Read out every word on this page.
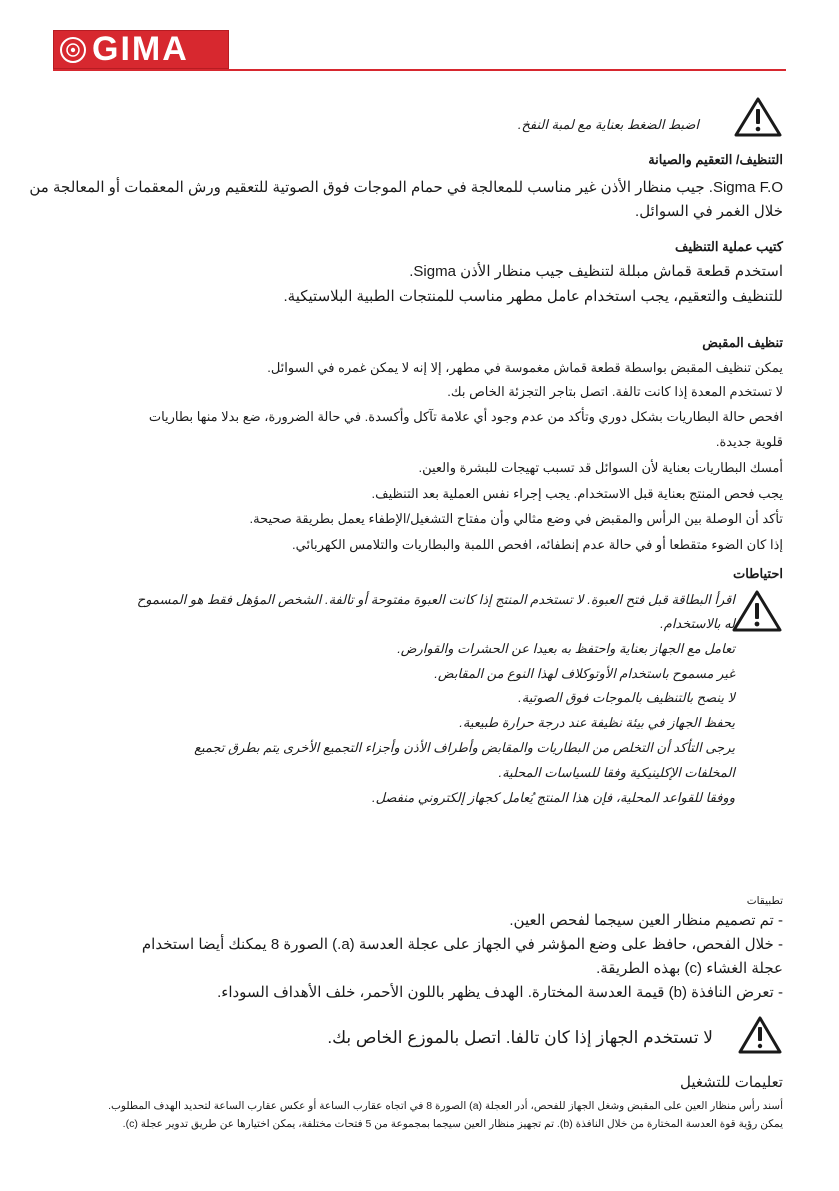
GIMA
اضبط الضغط بعناية مع لمبة النفخ.
التنظيف/ التعقيم والصيانة
Sigma F.O. جيب منظار الأذن غير مناسب للمعالجة في حمام الموجات فوق الصوتية للتعقيم ورش المعقمات أو المعالجة من
خلال الغمر في السوائل.
كتيب عملية التنظيف
استخدم قطعة قماش مبللة لتنظيف جيب منظار الأذن Sigma.
للتنظيف والتعقيم، يجب استخدام عامل مطهر مناسب للمنتجات الطبية البلاستيكية.
تنظيف المقبض
يمكن تنظيف المقبض بواسطة قطعة قماش مغموسة في مطهر، إلا إنه لا يمكن غمره في السوائل.
لا تستخدم المعدة إذا كانت تالفة. اتصل بتاجر التجزئة الخاص بك.
افحص حالة البطاريات بشكل دوري وتأكد من عدم وجود أي علامة تآكل وأكسدة. في حالة الضرورة، ضع بدلا منها بطاريات
قلوية جديدة.
أمسك البطاريات بعناية لأن السوائل قد تسبب تهيجات للبشرة والعين.
يجب فحص المنتج بعناية قبل الاستخدام. يجب إجراء نفس العملية بعد التنظيف.
تأكد أن الوصلة بين الرأس والمقبض في وضع مثالي وأن مفتاح التشغيل/الإطفاء يعمل بطريقة صحيحة.
إذا كان الضوء متقطعا أو في حالة عدم إنطفائه، افحص اللمبة والبطاريات والتلامس الكهربائي.
احتياطات
اقرأ البطاقة قبل فتح العبوة. لا تستخدم المنتج إذا كانت العبوة مفتوحة أو تالفة. الشخص المؤهل فقط هو المسموح
له بالاستخدام.
تعامل مع الجهاز بعناية واحتفظ به بعيدا عن الحشرات والقوارض.
غير مسموح باستخدام الأوتوكلاف لهذا النوع من المقابض.
لا ينصح بالتنظيف بالموجات فوق الصوتية.
يحفظ الجهاز في بيئة نظيفة عند درجة حرارة طبيعية.
يرجى التأكد أن التخلص من البطاريات والمقابض وأطراف الأذن وأجزاء التجميع الأخرى يتم بطرق تجميع
المخلفات الإكلينيكية وفقا للسياسات المحلية.
ووفقا للقواعد المحلية، فإن هذا المنتج يُعامل كجهاز إلكتروني منفصل.
تطبيقات
- تم تصميم منظار العين سيجما لفحص العين.
- خلال الفحص، حافظ على وضع المؤشر في الجهاز على عجلة العدسة (a.) الصورة 8 يمكنك أيضا استخدام
عجلة الغشاء (c) بهذه الطريقة.
- تعرض النافذة (b) قيمة العدسة المختارة. الهدف يظهر باللون الأحمر، خلف الأهداف السوداء.
لا تستخدم الجهاز إذا كان تالفا. اتصل بالموزع الخاص بك.
تعليمات للتشغيل
أسند رأس منظار العين على المقبض وشغل الجهاز للفحص، أدر العجلة (a) الصورة 8 في اتجاه عقارب الساعة أو عكس عقارب الساعة لتحديد الهدف المطلوب.
يمكن رؤية قوة العدسة المختارة من خلال النافذة (b). تم تجهيز منظار العين سيجما بمجموعة من 5 فتحات مختلفة، يمكن اختيارها عن طريق تدوير عجلة (c).
